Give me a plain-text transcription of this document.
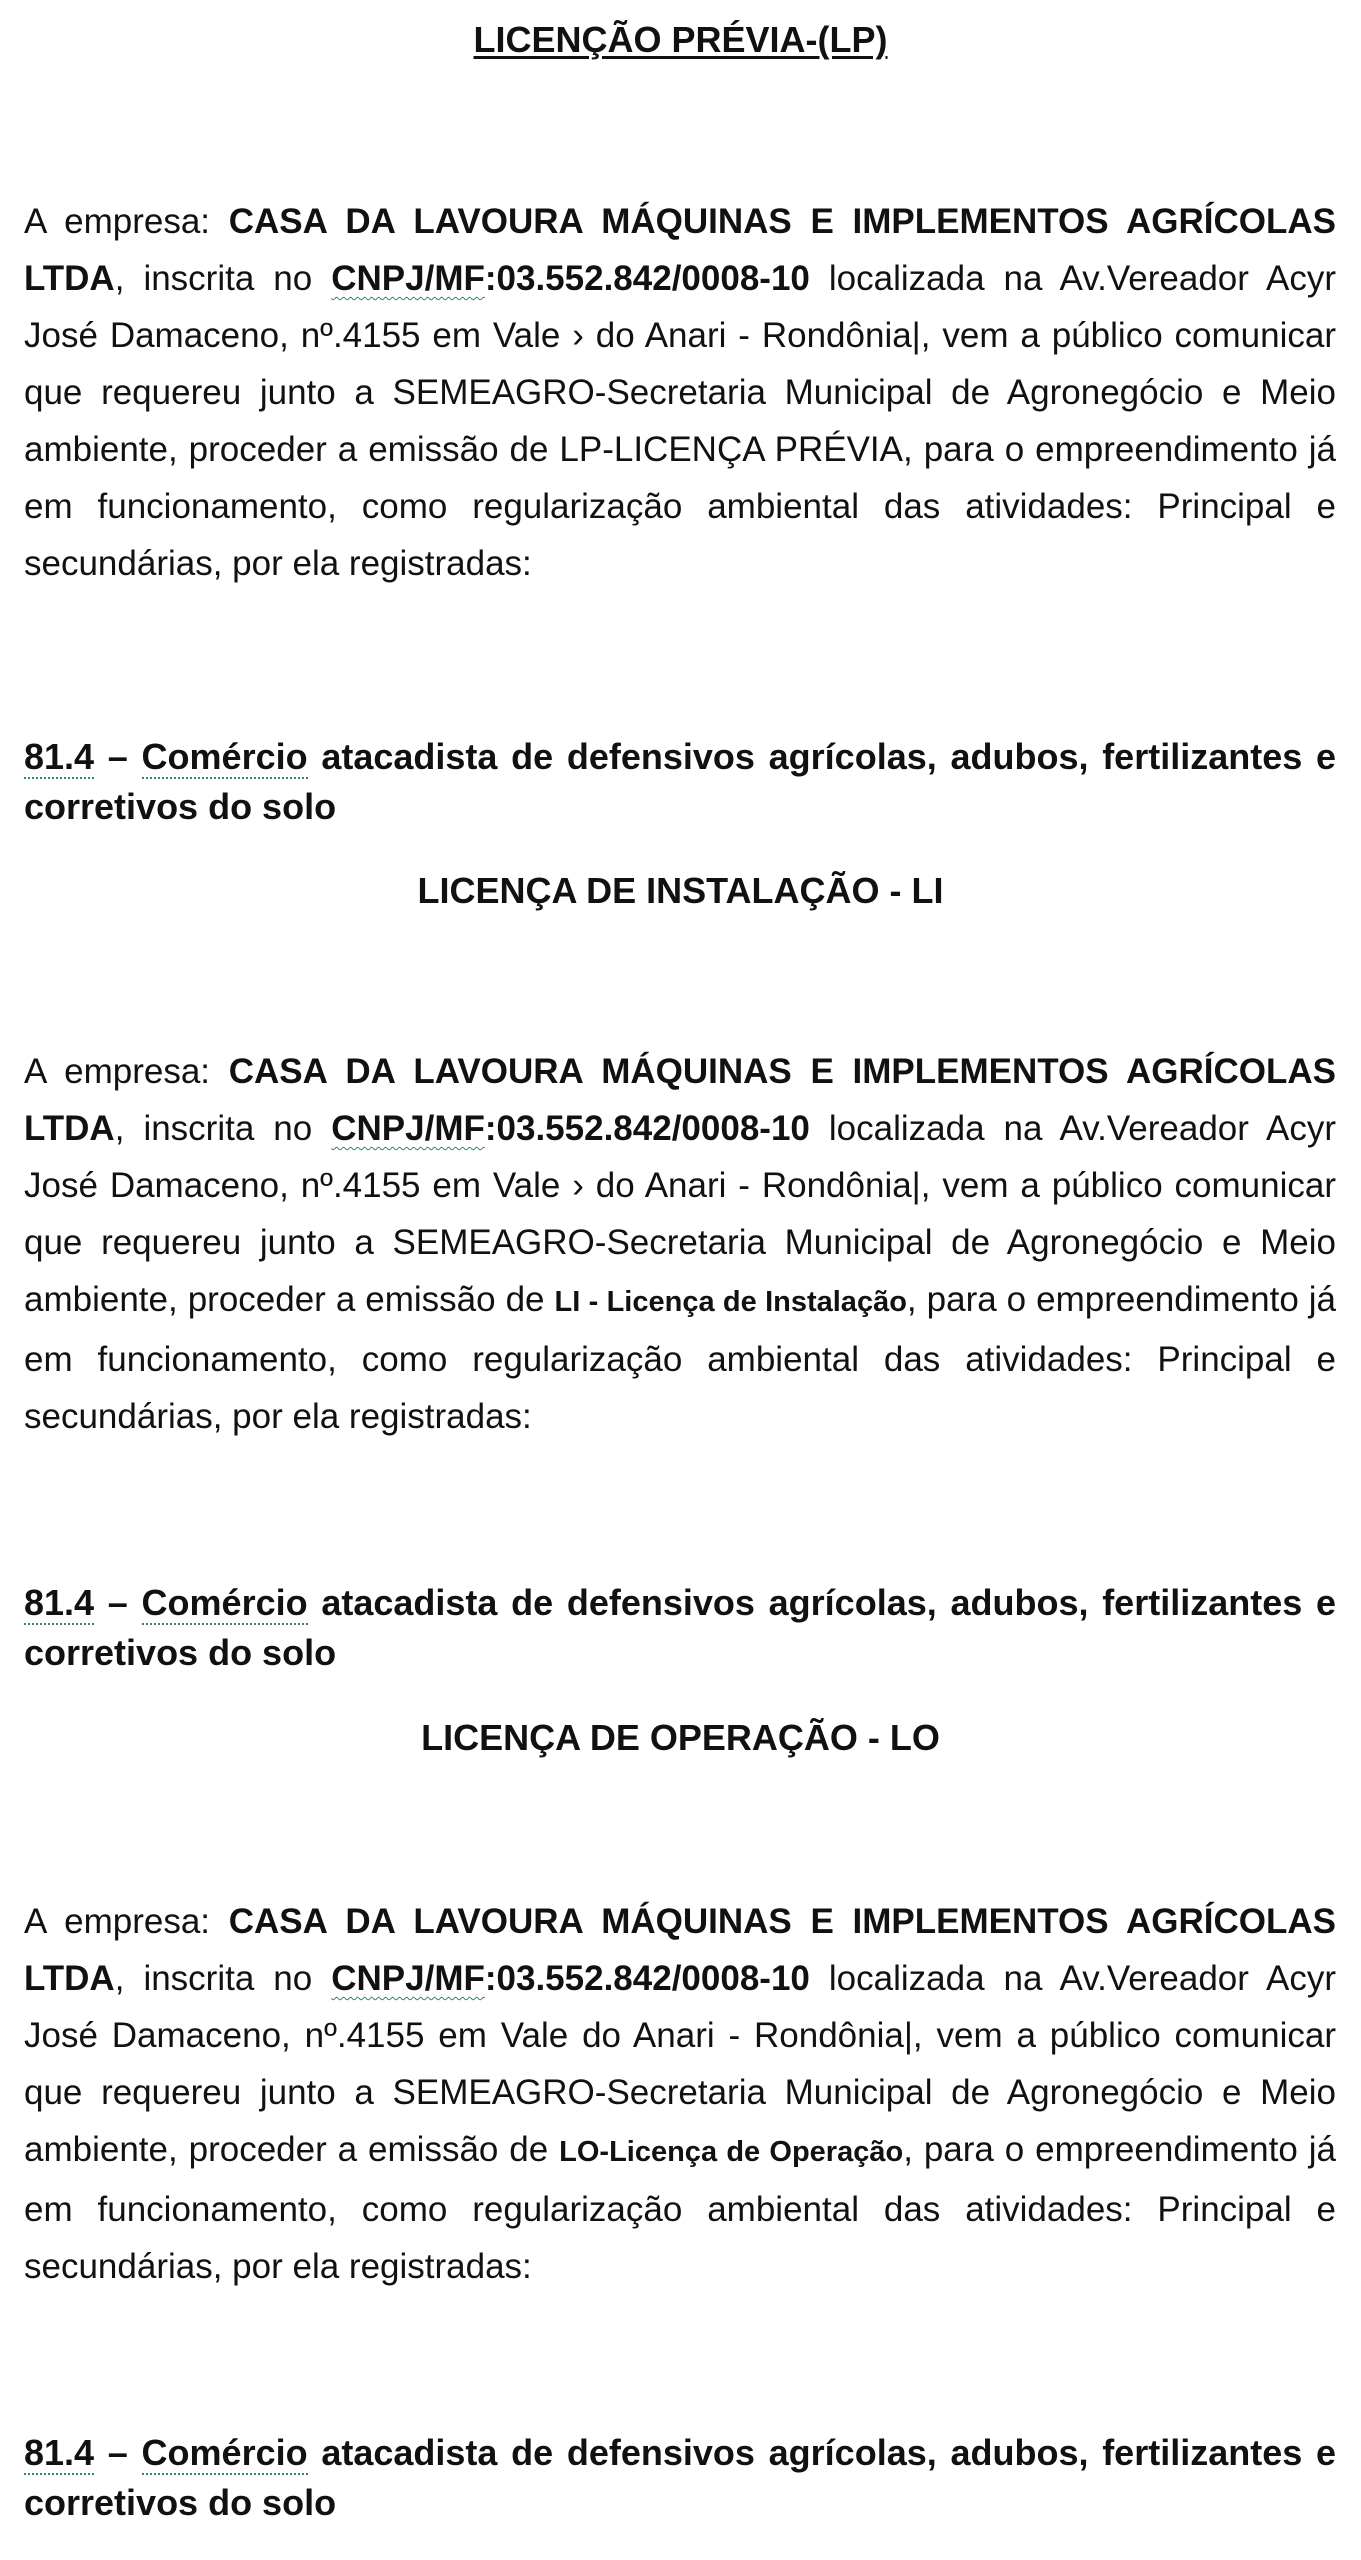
LICENÇÃO PRÉVIA-(LP)

A empresa: CASA DA LAVOURA MÁQUINAS E IMPLEMENTOS AGRÍCOLAS LTDA, inscrita no CNPJ/MF:03.552.842/0008-10 localizada na Av.Vereador Acyr José Damaceno, nº.4155 em Vale › do Anari - Rondônia|, vem a público comunicar que requereu junto a SEMEAGRO-Secretaria Municipal de Agronegócio e Meio ambiente, proceder a emissão de LP-LICENÇA PRÉVIA, para o empreendimento já em funcionamento, como regularização ambiental das atividades: Principal e secundárias, por ela registradas:

81.4 – Comércio atacadista de defensivos agrícolas, adubos, fertilizantes e corretivos do solo

LICENÇA DE INSTALAÇÃO - LI

A empresa: CASA DA LAVOURA MÁQUINAS E IMPLEMENTOS AGRÍCOLAS LTDA, inscrita no CNPJ/MF:03.552.842/0008-10 localizada na Av.Vereador Acyr José Damaceno, nº.4155 em Vale › do Anari - Rondônia|, vem a público comunicar que requereu junto a SEMEAGRO-Secretaria Municipal de Agronegócio e Meio ambiente, proceder a emissão de LI - Licença de Instalação, para o empreendimento já em funcionamento, como regularização ambiental das atividades: Principal e secundárias, por ela registradas:

81.4 – Comércio atacadista de defensivos agrícolas, adubos, fertilizantes e corretivos do solo

LICENÇA DE OPERAÇÃO - LO

A empresa: CASA DA LAVOURA MÁQUINAS E IMPLEMENTOS AGRÍCOLAS LTDA, inscrita no CNPJ/MF:03.552.842/0008-10 localizada na Av.Vereador Acyr José Damaceno, nº.4155 em Vale do Anari - Rondônia|, vem a público comunicar que requereu junto a SEMEAGRO-Secretaria Municipal de Agronegócio e Meio ambiente, proceder a emissão de LO-Licença de Operação, para o empreendimento já em funcionamento, como regularização ambiental das atividades: Principal e secundárias, por ela registradas:

81.4 – Comércio atacadista de defensivos agrícolas, adubos, fertilizantes e corretivos do solo
